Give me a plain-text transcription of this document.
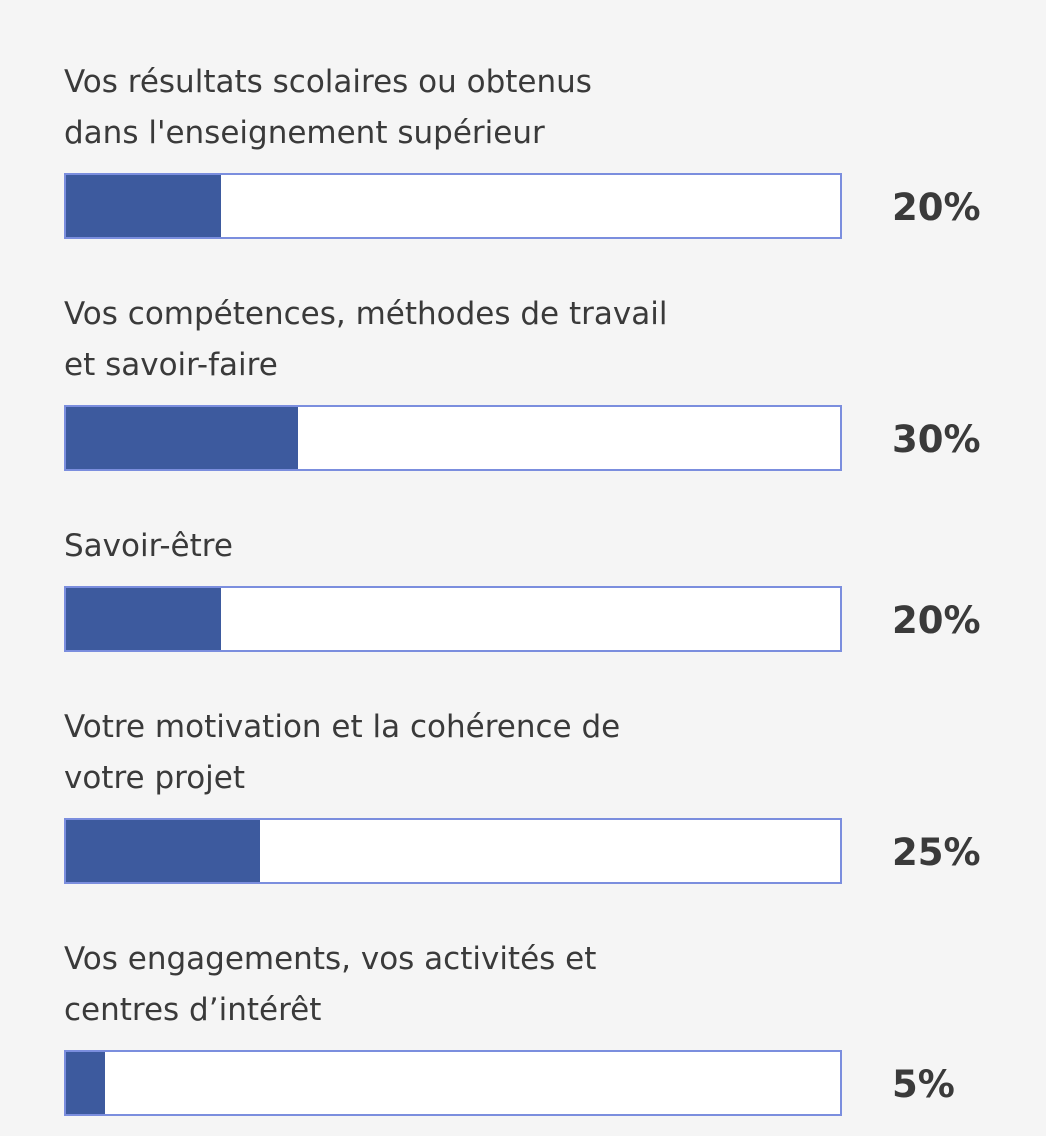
Vos résultats scolaires ou obtenus
dans l'enseignement supérieur
20%
Vos compétences, méthodes de travail
et savoir-faire
30%
Savoir-être
20%
Votre motivation et la cohérence de
votre projet
25%
Vos engagements, vos activités et
centres d’intérêt
5%
